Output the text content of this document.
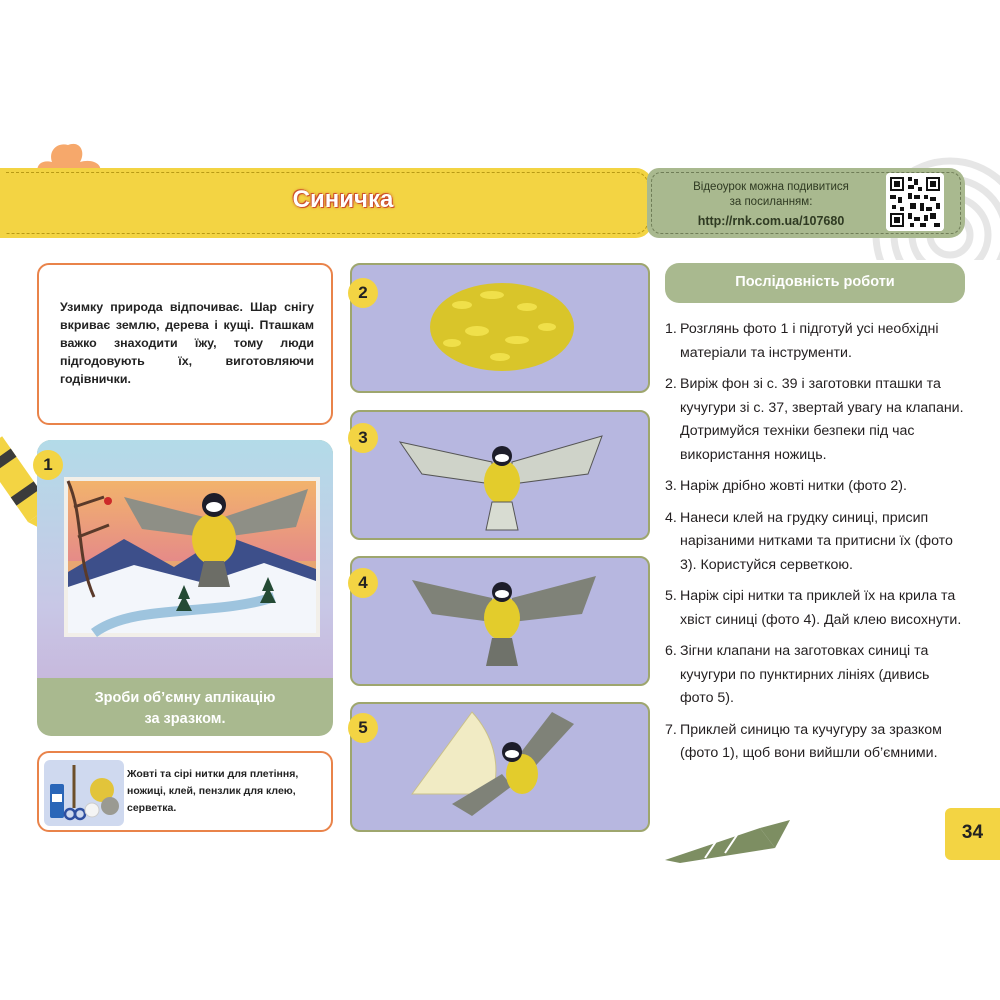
Синичка	Відеоурок можна подивитися
за посиланням:
http://rnk.com.ua/107680
Узимку природа відпочиває. Шар снігу вкриває землю, дерева і кущі. Пташкам важко знаходити їжу, тому люди підгодовують їх, виготовляючи годівнички.
Зроби об’ємну аплікацію
за зразком.
1
Жовті та сірі нитки для плетіння, ножиці, клей, пензлик для клею, серветка.
2
3
4
5
Послідовність роботи
1. Розглянь фото 1 і підготуй усі необхідні матеріали та інструменти.
2. Виріж фон зі с. 39 і заготовки пташки та кучугури зі с. 37, звертай увагу на клапани. Дотримуйся техніки безпеки під час використання ножиць.
3. Наріж дрібно жовті нитки (фото 2).
4. Нанеси клей на грудку синиці, присип нарізаними нитками та притисни їх (фото 3). Користуйся серветкою.
5. Наріж сірі нитки та приклей їх на крила та хвіст синиці (фото 4). Дай клею висохнути.
6. Зігни клапани на заготовках синиці та кучугури по пунктирних лініях (дивись фото 5).
7. Приклей синицю та кучугуру за зразком (фото 1), щоб вони вийшли об’ємними.
34
